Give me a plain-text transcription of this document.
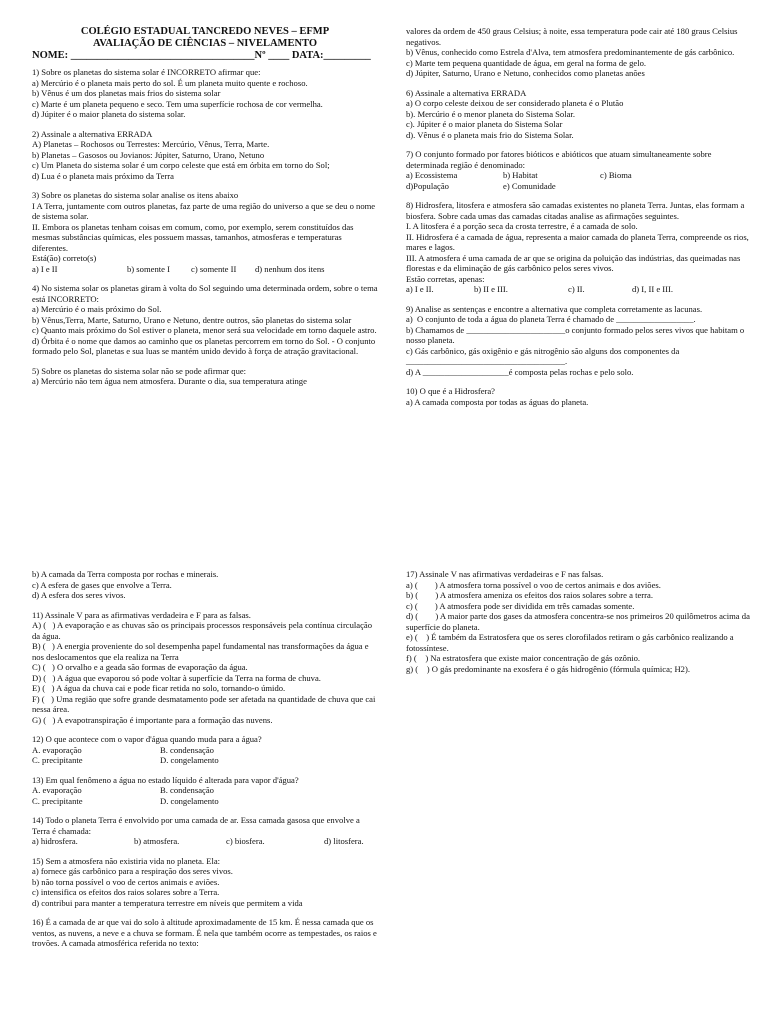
COLÉGIO ESTADUAL TANCREDO NEVES – EFMP

AVALIAÇÃO DE CIÊNCIAS – NIVELAMENTO

NOME: ___________________________________Nº ____ DATA:_________

1) Sobre os planetas do sistema solar é INCORRETO afirmar que:

a) Mercúrio é o planeta mais perto do sol. É um planeta muito quente e rochoso.

b) Vênus é um dos planetas mais frios do sistema solar

c) Marte é um planeta pequeno e seco. Tem uma superfície rochosa de cor vermelha.

d) Júpiter é o maior planeta do sistema solar.

2) Assinale a alternativa ERRADA

A) Planetas – Rochosos ou Terrestes: Mercúrio, Vênus, Terra, Marte.

b) Planetas – Gasosos ou Jovianos: Júpiter, Saturno, Urano, Netuno

c) Um Planeta do sistema solar é um corpo celeste que está em órbita em torno do Sol;

d) Lua é o planeta mais próximo da Terra

3) Sobre os planetas do sistema solar analise os itens abaixo

I A Terra, juntamente com outros planetas, faz parte de uma região do universo a que se deu o nome de sistema solar.

II. Embora os planetas tenham coisas em comum, como, por exemplo, serem constituídos das mesmas substâncias químicas, eles possuem massas, tamanhos, atmosferas e temperaturas diferentes.

Está(ão) correto(s)

a) I e II	b) somente I	c) somente II	d) nenhum dos itens

4) No sistema solar os planetas giram à volta do Sol seguindo uma determinada ordem, sobre o tema está INCORRETO:

a) Mercúrio é o mais próximo do Sol.

b) Vênus,Terra, Marte, Saturno, Urano e Netuno, dentre outros, são planetas do sistema solar

c) Quanto mais próximo do Sol estiver o planeta, menor será sua velocidade em torno daquele astro.

d) Órbita é o nome que damos ao caminho que os planetas percorrem em torno do Sol. - O conjunto formado pelo Sol, planetas e sua luas se mantém unido devido à força de atração gravitacional.

5) Sobre os planetas do sistema solar não se pode afirmar que:

a) Mercúrio não tem água nem atmosfera. Durante o dia, sua temperatura atinge

valores da ordem de 450 graus Celsius; à noite, essa temperatura pode cair até 180 graus Celsius negativos.

b) Vênus, conhecido como Estrela d'Alva, tem atmosfera predominantemente de gás carbônico.

c) Marte tem pequena quantidade de água, em geral na forma de gelo.

d) Júpiter, Saturno, Urano e Netuno, conhecidos como planetas anões

6) Assinale a alternativa ERRADA

a) O corpo celeste deixou de ser considerado planeta é o Plutão

b). Mercúrio é o menor planeta do Sistema Solar.

c). Júpiter é o maior planeta do Sistema Solar

d). Vênus é o planeta mais frio do Sistema Solar.

7) O conjunto formado por fatores bióticos e abióticos que atuam simultaneamente sobre determinada região é denominado:

a) Ecossistema	b) Habitat	c) Bioma
d)População	e) Comunidade

8) Hidrosfera, litosfera e atmosfera são camadas existentes no planeta Terra. Juntas, elas formam a biosfera. Sobre cada umas das camadas citadas analise as afirmações seguintes.

I. A litosfera é a porção seca da crosta terrestre, é a camada de solo.

II. Hidrosfera é a camada de água, representa a maior camada do planeta Terra, compreende os rios, mares e lagos.

III. A atmosfera é uma camada de ar que se origina da poluição das indústrias, das queimadas nas florestas e da eliminação de gás carbônico pelos seres vivos.

Estão corretas, apenas:

a) I e II.	b) II e III.	c) II.	d) I, II e III.

9) Analise as sentenças e encontre a alternativa que completa corretamente as lacunas.

a)  O conjunto de toda a água do planeta Terra é chamado de __________________.

b) Chamamos de _______________________o conjunto formado pelos seres vivos que habitam o nosso planeta.

c) Gás carbônico, gás oxigênio e gás nitrogênio são alguns dos componentes da _____________________________________.

d) A ____________________é composta pelas rochas e pelo solo.

10) O que é a Hidrosfera?

a) A camada composta por todas as águas do planeta.

b) A camada da Terra composta por rochas e minerais.

c) A esfera de gases que envolve a Terra.

d) A esfera dos seres vivos.

11) Assinale V para as afirmativas verdadeira e F para as falsas.

A) (   ) A evaporação e as chuvas são os principais processos responsáveis pela contínua circulação da água.

B) (   ) A energia proveniente do sol desempenha papel fundamental nas transformações da água e nos deslocamentos que ela realiza na Terra

C) (   ) O orvalho e a geada são formas de evaporação da água.

D) (   ) A água que evaporou só pode voltar à superfície da Terra na forma de chuva.

E) (   ) A água da chuva cai e pode ficar retida no solo, tornando-o úmido.

F) (   ) Uma região que sofre grande desmatamento pode ser afetada na quantidade de chuva que cai nessa área.

G) (   ) A evapotranspiração é importante para a formação das nuvens.

12) O que acontece com o vapor d'água quando muda para a água?

A. evaporação	B. condensação
C. precipitante	D. congelamento

13) Em qual fenômeno a água no estado líquido é alterada para vapor d'água?

A. evaporação	B. condensação
C. precipitante	D. congelamento

14) Todo o planeta Terra é envolvido por uma camada de ar. Essa camada gasosa que envolve a Terra é chamada:

a) hidrosfera.	b) atmosfera.	c) biosfera.	d) litosfera.

15) Sem a atmosfera não existiria vida no planeta. Ela:

a) fornece gás carbônico para a respiração dos seres vivos.

b) não torna possível o voo de certos animais e aviões.

c) intensifica os efeitos dos raios solares sobre a Terra.

d) contribui para manter a temperatura terrestre em níveis que permitem a vida

16) É a camada de ar que vai do solo à altitude aproximadamente de 15 km. É nessa camada que os ventos, as nuvens, a neve e a chuva se formam. É nela que também ocorre as tempestades, os raios e trovões. A camada atmosférica referida no texto:

17) Assinale V nas afirmativas verdadeiras e F nas falsas.

a) (        ) A atmosfera torna possível o voo de certos animais e dos aviões.

b) (        ) A atmosfera ameniza os efeitos dos raios solares sobre a terra.

c) (        ) A atmosfera pode ser dividida em três camadas somente.

d) (        ) A maior parte dos gases da atmosfera concentra-se nos primeiros 20 quilômetros acima da superfície do planeta.

e) (    ) É também da Estratosfera que os seres clorofilados retiram o gás carbônico realizando a fotossíntese.

f) (    ) Na estratosfera que existe maior concentração de gás ozônio.

g) (    ) O gás predominante na exosfera é o gás hidrogênio (fórmula química; H2).
